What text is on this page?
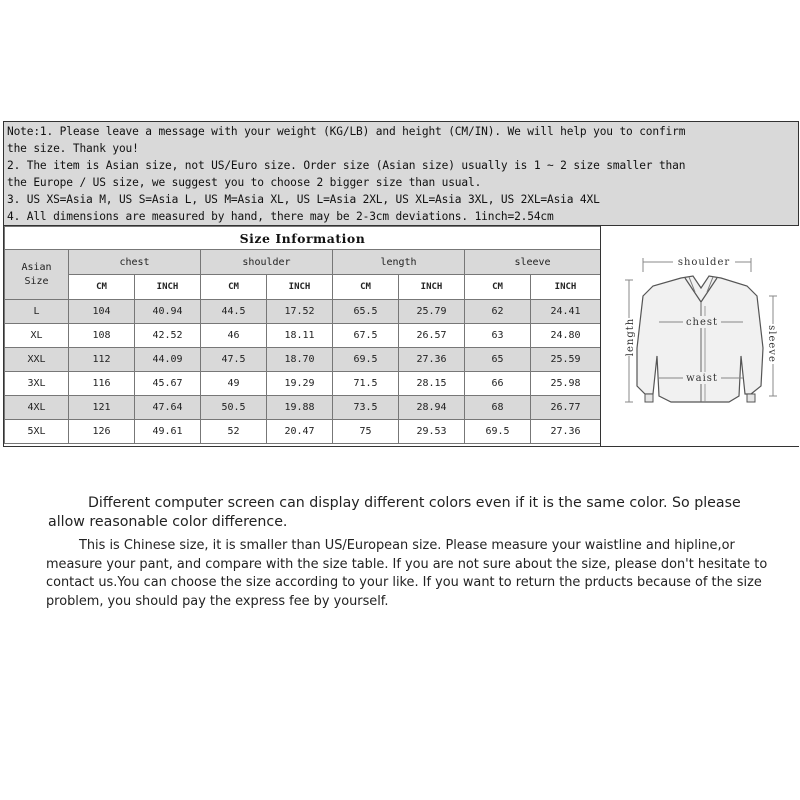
Note:1. Please leave a message with your weight (KG/LB) and height (CM/IN). We will help you to confirm
the size. Thank you!
2. The item is Asian size, not US/Euro size. Order size (Asian size) usually is 1 ~ 2 size smaller than
the Europe / US size, we suggest you to choose 2 bigger size than usual.
3. US XS=Asia M, US S=Asia L, US M=Asia XL, US L=Asia 2XL, US XL=Asia 3XL, US 2XL=Asia 4XL
4. All dimensions are measured by hand, there may be 2-3cm deviations. 1inch=2.54cm
Size Information								
Asian Size	chest		shoulder		length		sleeve	
	CM	INCH	CM	INCH	CM	INCH	CM	INCH
L	104	40.94	44.5	17.52	65.5	25.79	62	24.41
XL	108	42.52	46	18.11	67.5	26.57	63	24.80
XXL	112	44.09	47.5	18.70	69.5	27.36	65	25.59
3XL	116	45.67	49	19.29	71.5	28.15	66	25.98
4XL	121	47.64	50.5	19.88	73.5	28.94	68	26.77
5XL	126	49.61	52	20.47	75	29.53	69.5	27.36
shoulder
chest
waist
length	sleeve
Different computer screen can display different colors even if it is the same color. So please allow reasonable color difference.
This is Chinese size, it is smaller than US/European size. Please measure your waistline and hipline,or measure your pant, and compare with the size table. If you are not sure about the size, please don't hesitate to contact us.You can choose the size according to your like. If you want to return the prducts because of the size problem, you should pay the express fee by yourself.
